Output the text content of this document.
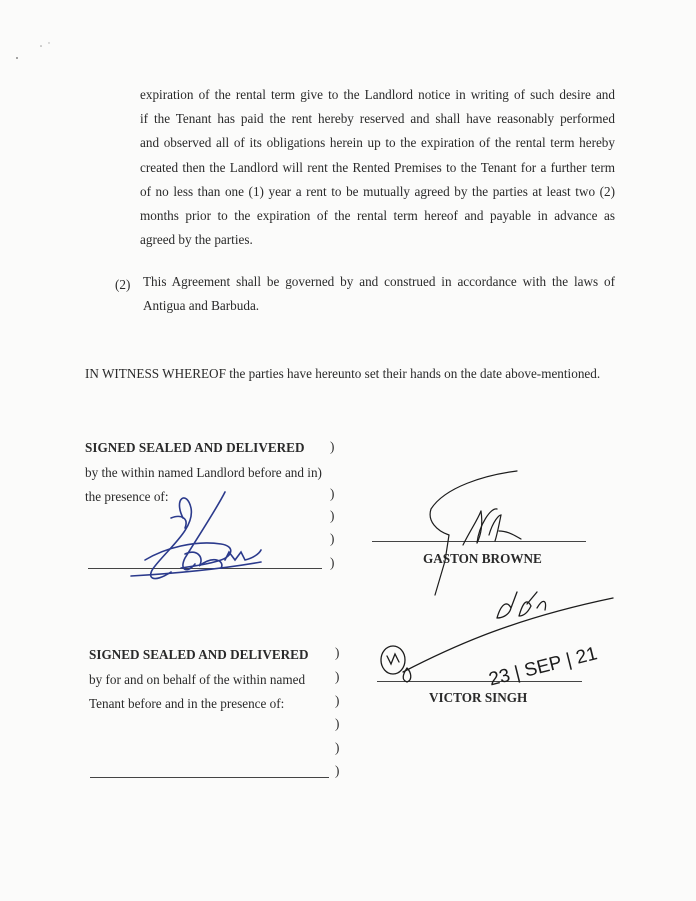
expiration of the rental term give to the Landlord notice in writing of such desire and
if the Tenant has paid the rent hereby reserved and shall have reasonably performed
and observed all of its obligations herein up to the expiration of the rental term hereby
created then the Landlord will rent the Rented Premises to the Tenant for a further term
of no less than one (1) year a rent to be mutually agreed by the parties at least two (2)
months prior to the expiration of the rental term hereof and payable in advance as
agreed by the parties.
(2) This Agreement shall be governed by and construed in accordance with the laws of
Antigua and Barbuda.
IN WITNESS WHEREOF the parties have hereunto set their hands on the date above-mentioned.
SIGNED SEALED AND DELIVERED
by the within named Landlord before and in)
the presence of:
)
)
)
)
)	GASTON BROWNE
SIGNED SEALED AND DELIVERED
by for and on behalf of the within named
Tenant before and in the presence of:
)
)
)
)
)
)
VICTOR SINGH
23 | SEP | 21
